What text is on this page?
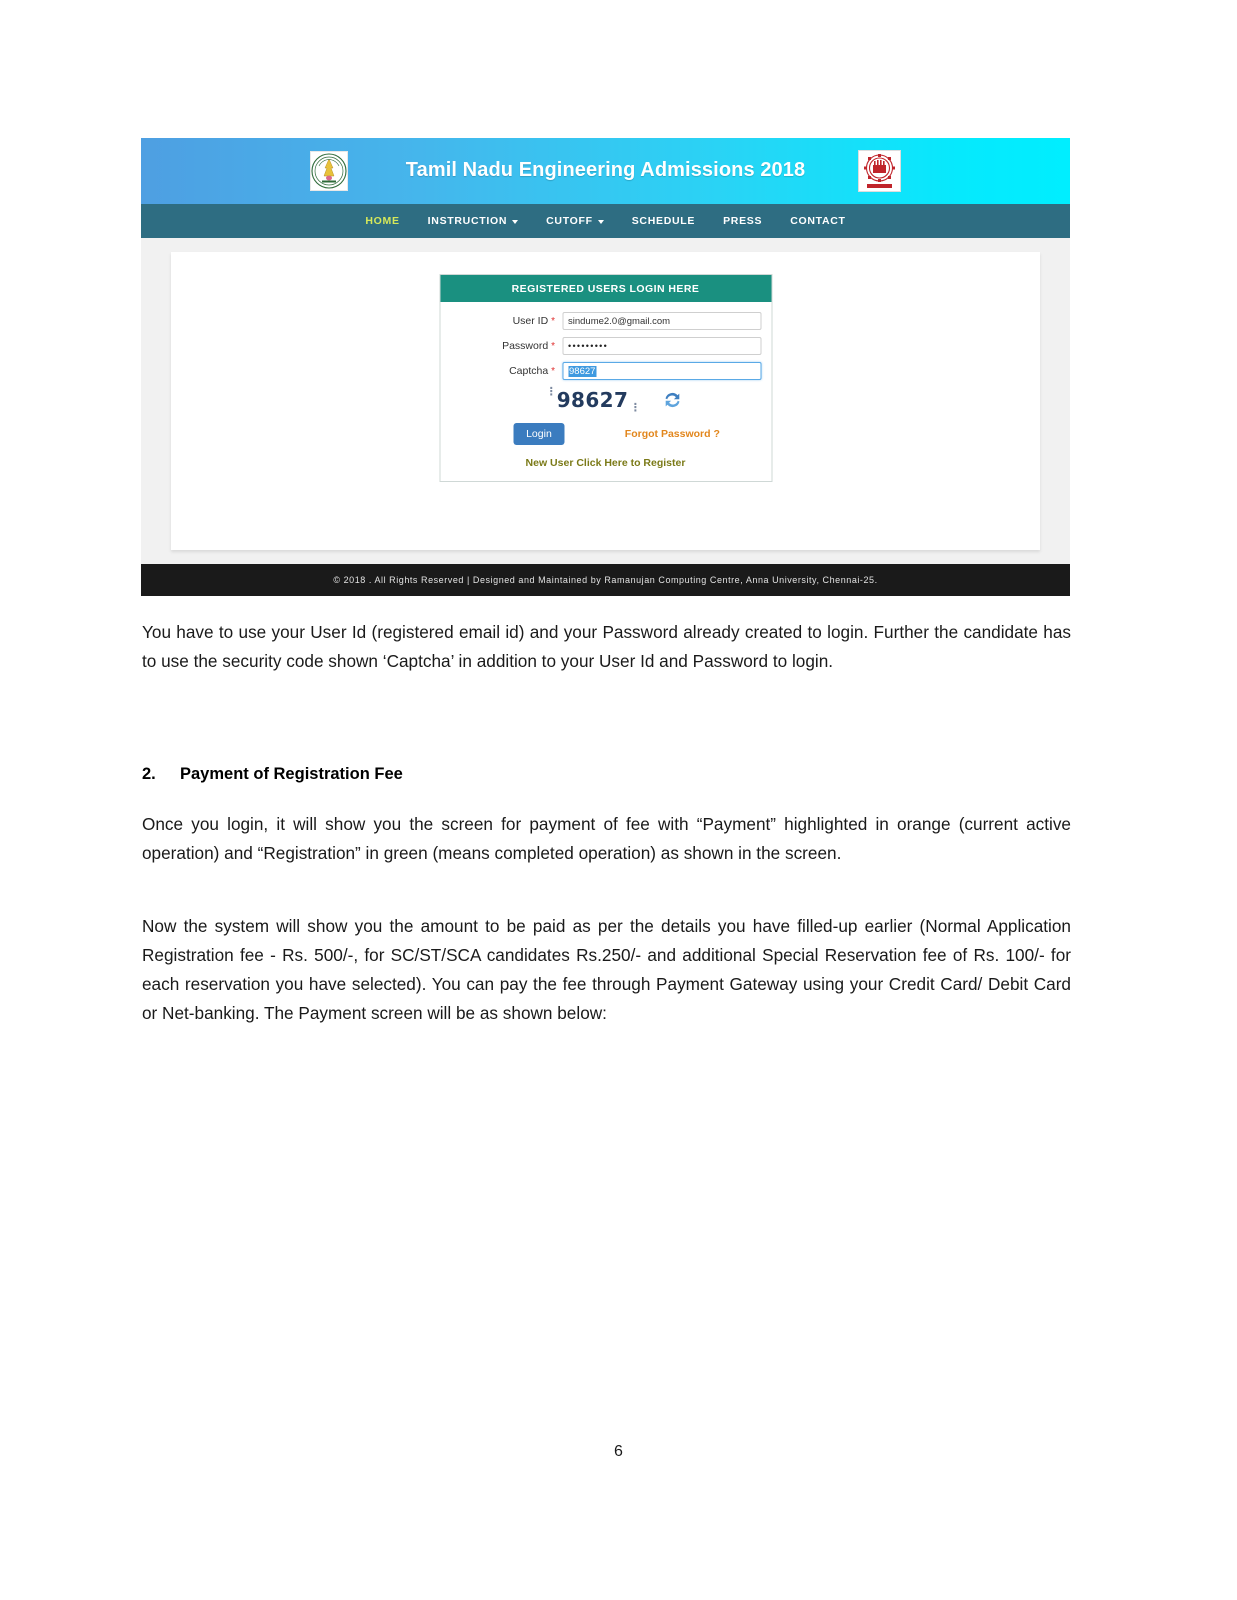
Tamil Nadu Engineering Admissions 2018
HOME	INSTRUCTION	CUTOFF	SCHEDULE	PRESS	CONTACT
REGISTERED USERS LOGIN HERE
User ID *	sindume2.0@gmail.com
Password *	•••••••••
Captcha *	98627
⋮ 98627 ⋮
Login	Forgot Password ?
New User Click Here to Register
© 2018 . All Rights Reserved | Designed and Maintained by Ramanujan Computing Centre, Anna University, Chennai-25.
You have to use your User Id (registered email id) and your Password already created to login. Further the candidate has to use the security code shown ‘Captcha’ in addition to your User Id and Password to login.
2.	Payment of Registration Fee
Once you login, it will show you the screen for payment of fee with “Payment” highlighted in orange (current active operation) and “Registration” in green (means completed operation) as shown in the screen.
Now the system will show you the amount to be paid as per the details you have filled-up earlier (Normal Application Registration fee - Rs. 500/-, for SC/ST/SCA candidates Rs.250/- and additional Special Reservation fee of Rs. 100/- for each reservation you have selected). You can pay the fee through Payment Gateway using your Credit Card/ Debit Card or Net-banking. The Payment screen will be as shown below:
6
